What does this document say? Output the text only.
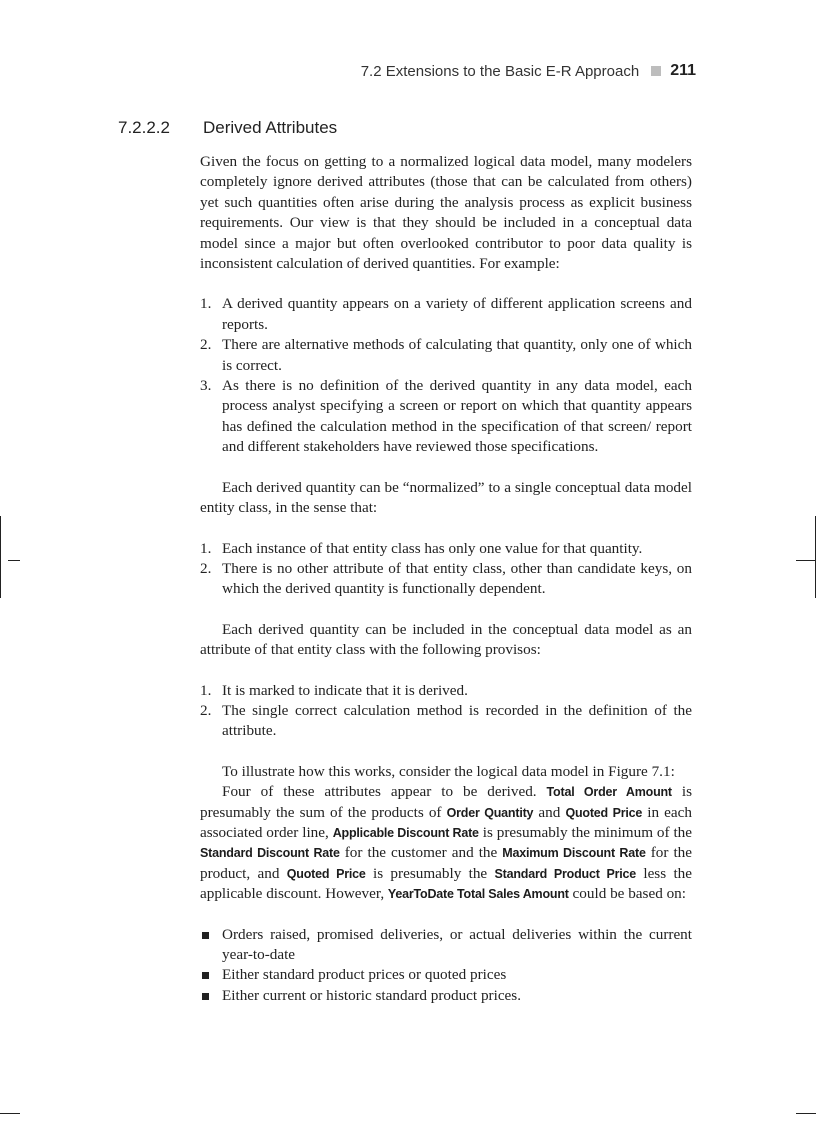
7.2 Extensions to the Basic E-R Approach 211
7.2.2.2 Derived Attributes

Given the focus on getting to a normalized logical data model, many modelers completely ignore derived attributes (those that can be calculated from others) yet such quantities often arise during the analysis process as explicit business requirements. Our view is that they should be included in a conceptual data model since a major but often overlooked contributor to poor data quality is inconsistent calculation of derived quantities. For example:

1. A derived quantity appears on a variety of different application screens and reports.
2. There are alternative methods of calculating that quantity, only one of which is correct.
3. As there is no definition of the derived quantity in any data model, each process analyst specifying a screen or report on which that quantity appears has defined the calculation method in the specification of that screen/ report and different stakeholders have reviewed those specifications.

Each derived quantity can be “normalized” to a single conceptual data model entity class, in the sense that:

1. Each instance of that entity class has only one value for that quantity.
2. There is no other attribute of that entity class, other than candidate keys, on which the derived quantity is functionally dependent.

Each derived quantity can be included in the conceptual data model as an attribute of that entity class with the following provisos:

1. It is marked to indicate that it is derived.
2. The single correct calculation method is recorded in the definition of the attribute.

To illustrate how this works, consider the logical data model in Figure 7.1:

Four of these attributes appear to be derived. Total Order Amount is presumably the sum of the products of Order Quantity and Quoted Price in each associated order line, Applicable Discount Rate is presumably the minimum of the Standard Discount Rate for the customer and the Maximum Discount Rate for the product, and Quoted Price is presumably the Standard Product Price less the applicable discount. However, YearToDate Total Sales Amount could be based on:

Orders raised, promised deliveries, or actual deliveries within the current year-to-date
Either standard product prices or quoted prices
Either current or historic standard product prices.
